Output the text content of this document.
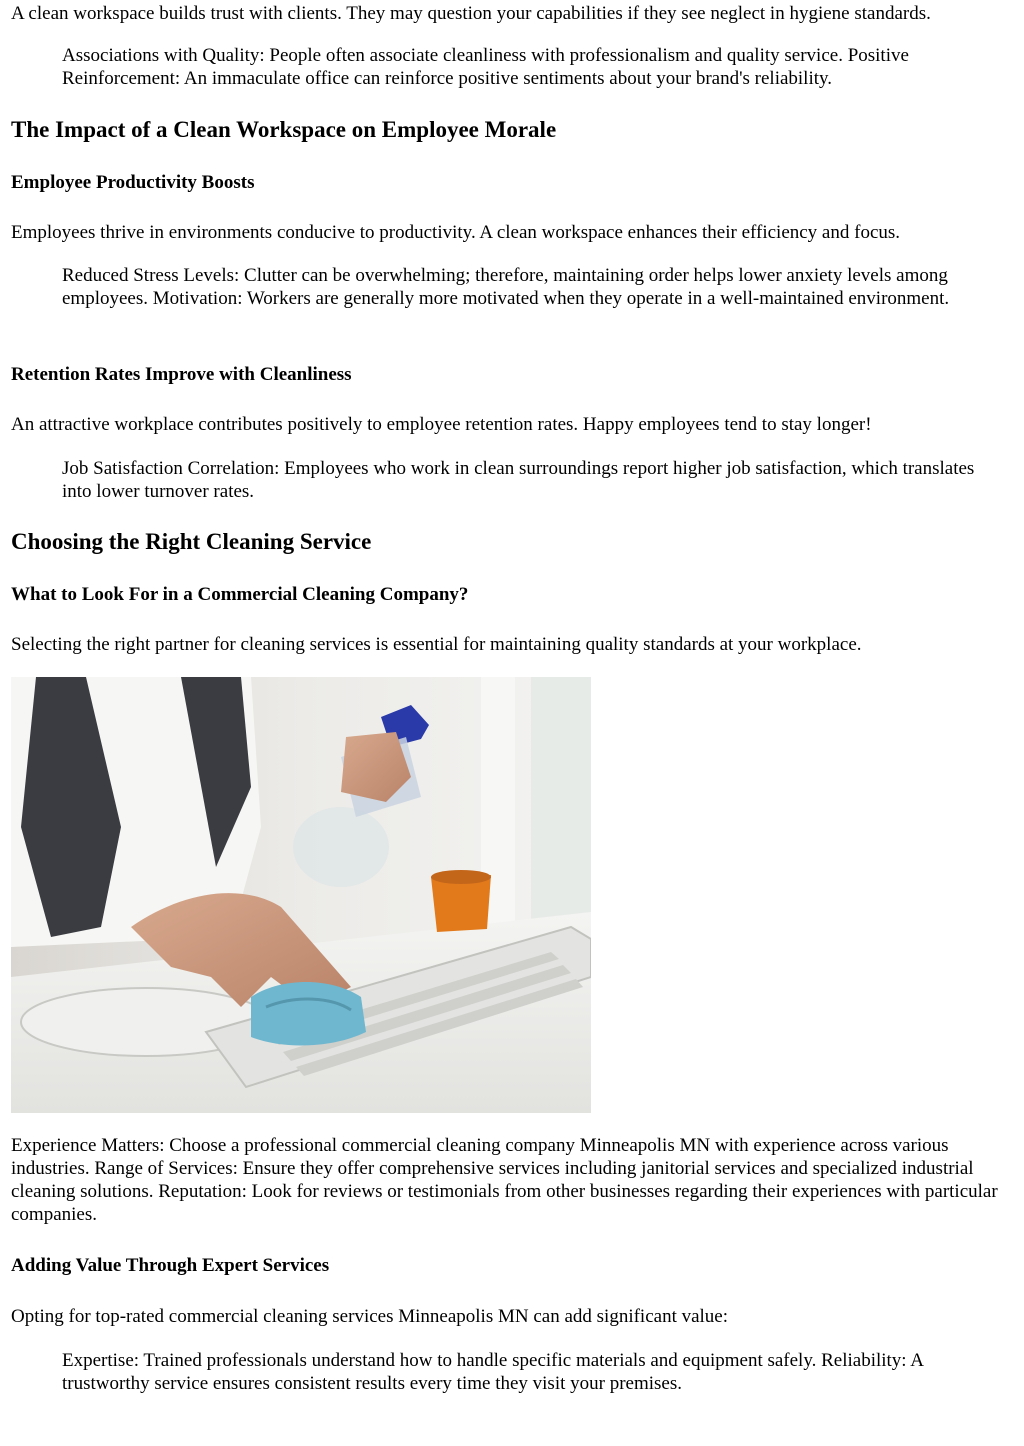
A clean workspace builds trust with clients. They may question your capabilities if they see neglect in hygiene standards.

Associations with Quality: People often associate cleanliness with professionalism and quality service. Positive Reinforcement: An immaculate office can reinforce positive sentiments about your brand's reliability.

The Impact of a Clean Workspace on Employee Morale
Employee Productivity Boosts

Employees thrive in environments conducive to productivity. A clean workspace enhances their efficiency and focus.

Reduced Stress Levels: Clutter can be overwhelming; therefore, maintaining order helps lower anxiety levels among employees. Motivation: Workers are generally more motivated when they operate in a well-maintained environment.

Retention Rates Improve with Cleanliness

An attractive workplace contributes positively to employee retention rates. Happy employees tend to stay longer!

Job Satisfaction Correlation: Employees who work in clean surroundings report higher job satisfaction, which translates into lower turnover rates.

Choosing the Right Cleaning Service
What to Look For in a Commercial Cleaning Company?

Selecting the right partner for cleaning services is essential for maintaining quality standards at your workplace.

Experience Matters: Choose a professional commercial cleaning company Minneapolis MN with experience across various industries. Range of Services: Ensure they offer comprehensive services including janitorial services and specialized industrial cleaning solutions. Reputation: Look for reviews or testimonials from other businesses regarding their experiences with particular companies.

Adding Value Through Expert Services

Opting for top-rated commercial cleaning services Minneapolis MN can add significant value:

Expertise: Trained professionals understand how to handle specific materials and equipment safely. Reliability: A trustworthy service ensures consistent results every time they visit your premises.
